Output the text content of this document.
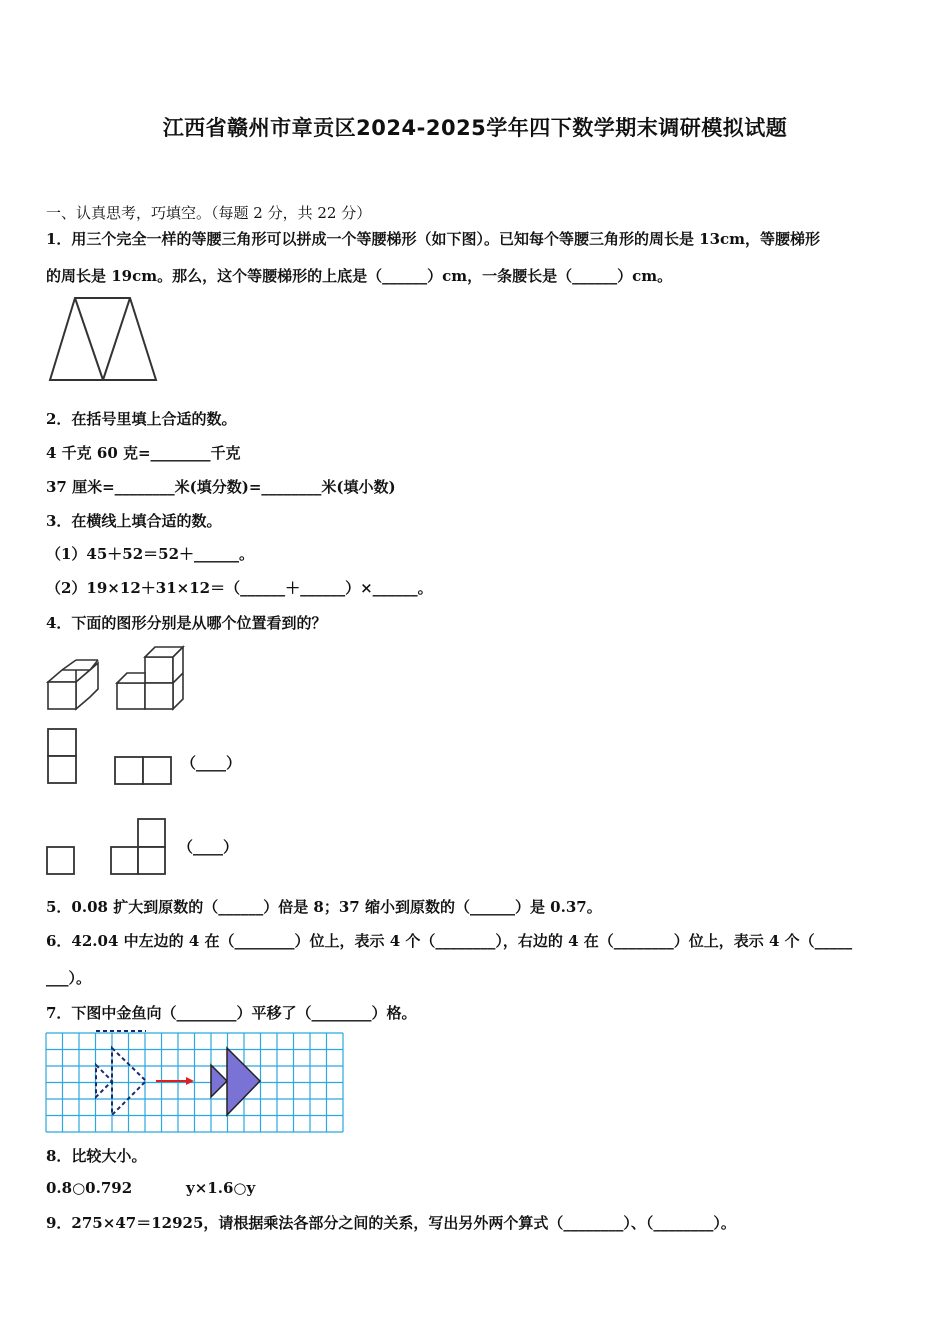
江西省赣州市章贡区2024-2025学年四下数学期末调研模拟试题
一、认真思考，巧填空。（每题 2 分，共 22 分）
1．用三个完全一样的等腰三角形可以拼成一个等腰梯形（如下图）。已知每个等腰三角形的周长是 13cm，等腰梯形
的周长是 19cm。那么，这个等腰梯形的上底是（______）cm，一条腰长是（______）cm。
2．在括号里填上合适的数。
4 千克 60 克=________千克
37 厘米=________米(填分数)=________米(填小数)
3．在横线上填合适的数。
（1）45＋52＝52＋______。
（2）19×12＋31×12＝（______＋______）×______。
4．下面的图形分别是从哪个位置看到的？
（____）
（____）
5．0.08 扩大到原数的（______）倍是 8；37 缩小到原数的（______）是 0.37。
6．42.04 中左边的 4 在（________）位上，表示 4 个（________），右边的 4 在（________）位上，表示 4 个（_____
___）。
7．下图中金鱼向（________）平移了（________）格。
8．比较大小。
0.8○0.792	y×1.6○y
9．275×47＝12925，请根据乘法各部分之间的关系，写出另外两个算式（________）、（________）。
